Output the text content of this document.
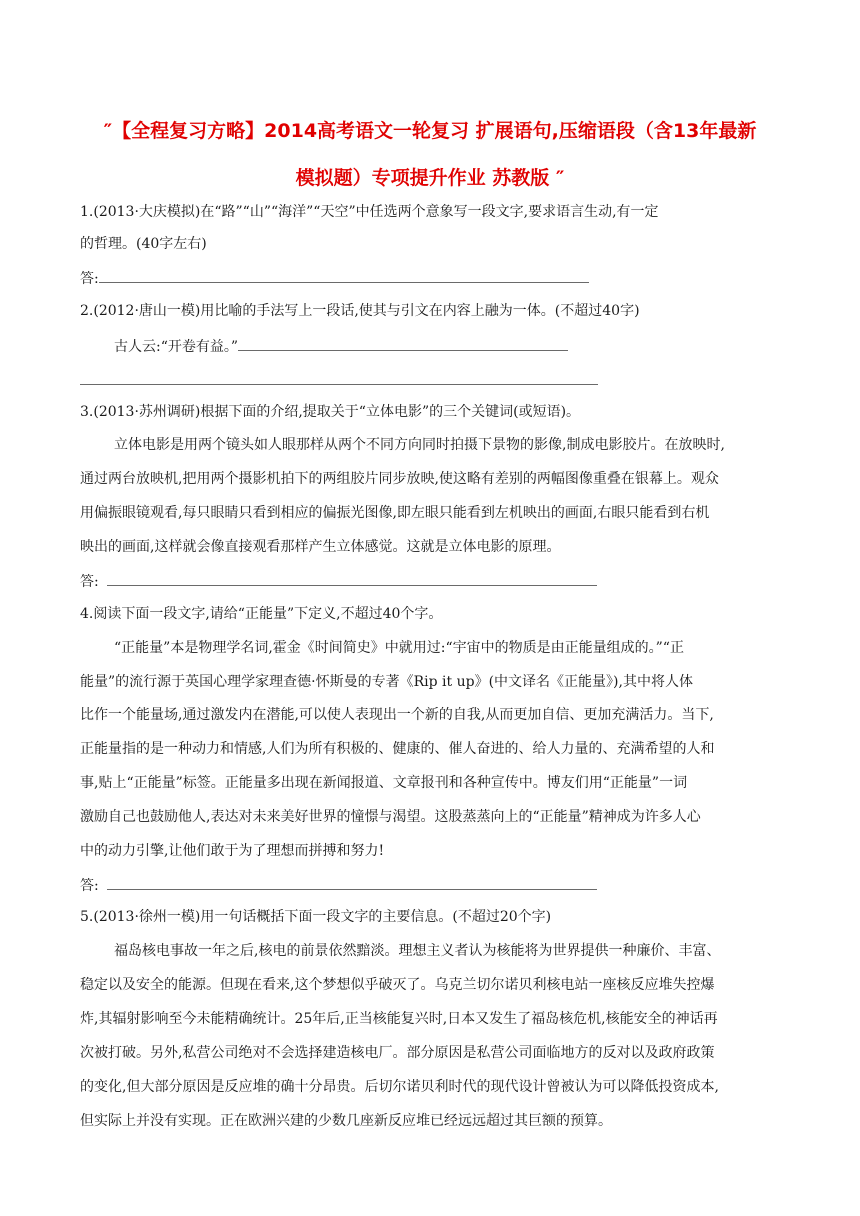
″【全程复习方略】2014高考语文一轮复习 扩展语句,压缩语段（含13年最新
模拟题）专项提升作业 苏教版 ″
1.(2013·大庆模拟)在“路”“山”“海洋”“天空”中任选两个意象写一段文字,要求语言生动,有一定
的哲理。(40字左右)
答:
2.(2012·唐山一模)用比喻的手法写上一段话,使其与引文在内容上融为一体。(不超过40字)
古人云:“开卷有益。”
3.(2013·苏州调研)根据下面的介绍,提取关于“立体电影”的三个关键词(或短语)。
立体电影是用两个镜头如人眼那样从两个不同方向同时拍摄下景物的影像,制成电影胶片。在放映时,
通过两台放映机,把用两个摄影机拍下的两组胶片同步放映,使这略有差别的两幅图像重叠在银幕上。观众
用偏振眼镜观看,每只眼睛只看到相应的偏振光图像,即左眼只能看到左机映出的画面,右眼只能看到右机
映出的画面,这样就会像直接观看那样产生立体感觉。这就是立体电影的原理。
答:
4.阅读下面一段文字,请给“正能量”下定义,不超过40个字。
“正能量”本是物理学名词,霍金《时间简史》中就用过:“宇宙中的物质是由正能量组成的。”“正
能量”的流行源于英国心理学家理查德·怀斯曼的专著《Rip it up》(中文译名《正能量》),其中将人体
比作一个能量场,通过激发内在潜能,可以使人表现出一个新的自我,从而更加自信、更加充满活力。当下,
正能量指的是一种动力和情感,人们为所有积极的、健康的、催人奋进的、给人力量的、充满希望的人和
事,贴上“正能量”标签。正能量多出现在新闻报道、文章报刊和各种宣传中。博友们用“正能量”一词
激励自己也鼓励他人,表达对未来美好世界的憧憬与渴望。这股蒸蒸向上的“正能量”精神成为许多人心
中的动力引擎,让他们敢于为了理想而拼搏和努力!
答:
5.(2013·徐州一模)用一句话概括下面一段文字的主要信息。(不超过20个字)
福岛核电事故一年之后,核电的前景依然黯淡。理想主义者认为核能将为世界提供一种廉价、丰富、
稳定以及安全的能源。但现在看来,这个梦想似乎破灭了。乌克兰切尔诺贝利核电站一座核反应堆失控爆
炸,其辐射影响至今未能精确统计。25年后,正当核能复兴时,日本又发生了福岛核危机,核能安全的神话再
次被打破。另外,私营公司绝对不会选择建造核电厂。部分原因是私营公司面临地方的反对以及政府政策
的变化,但大部分原因是反应堆的确十分昂贵。后切尔诺贝利时代的现代设计曾被认为可以降低投资成本,
但实际上并没有实现。正在欧洲兴建的少数几座新反应堆已经远远超过其巨额的预算。
